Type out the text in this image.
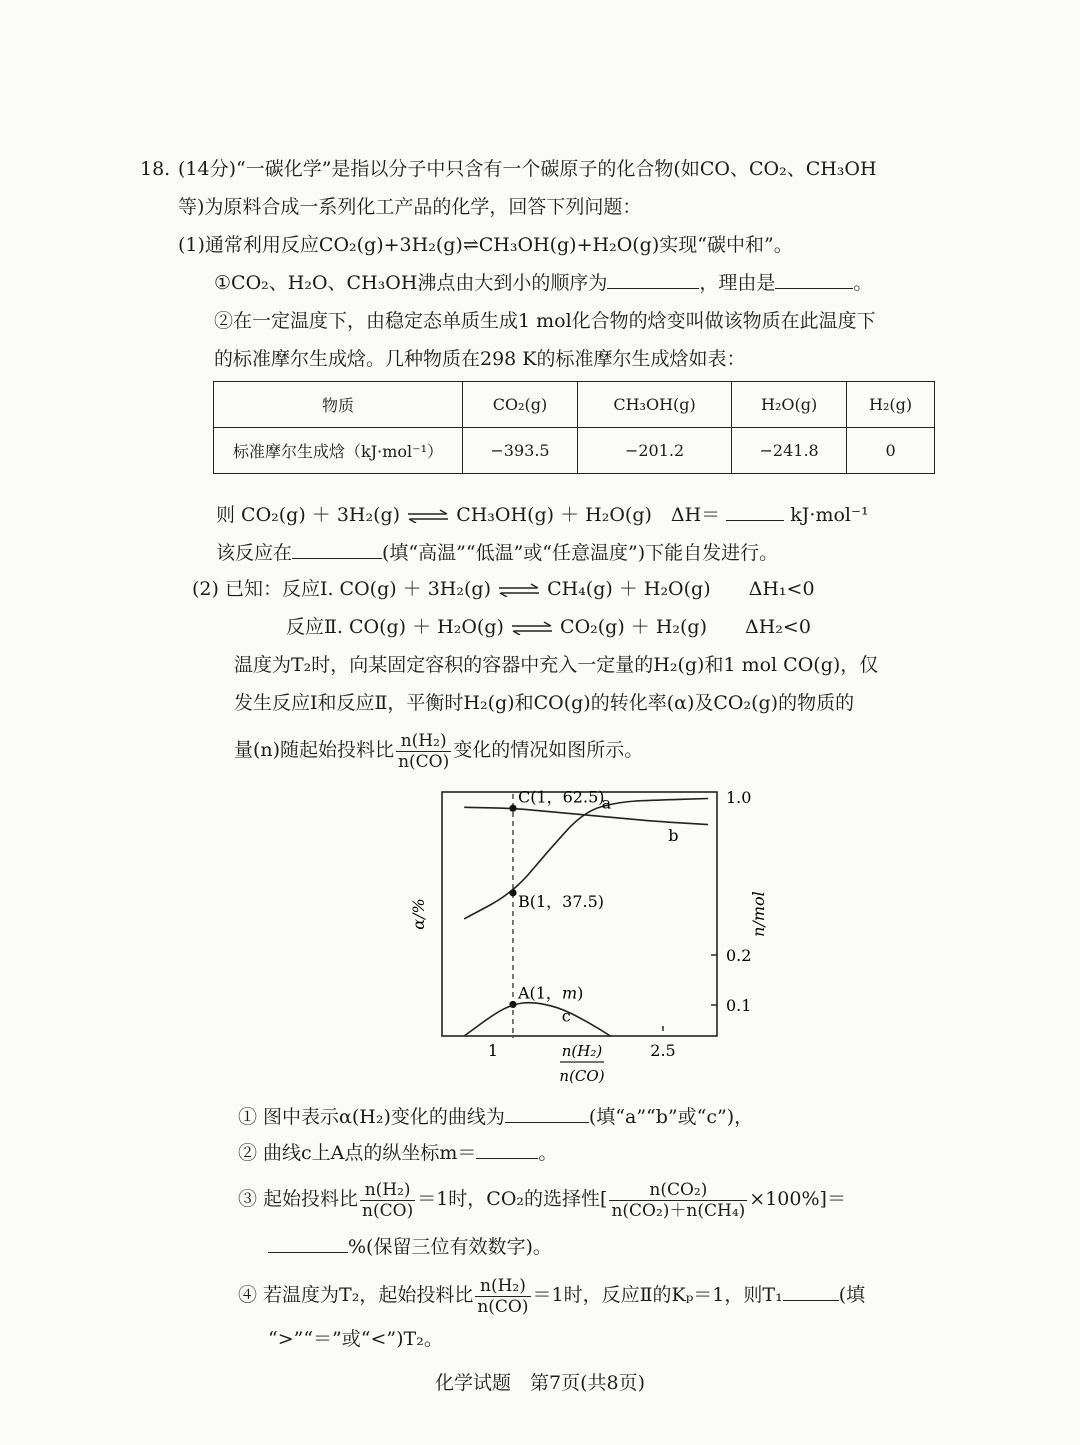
18. (14分)“一碳化学”是指以分子中只含有一个碳原子的化合物(如CO、CO₂、CH₃OH
等)为原料合成一系列化工产品的化学，回答下列问题：
(1)通常利用反应CO₂(g)+3H₂(g)⇌CH₃OH(g)+H₂O(g)实现“碳中和”。
①CO₂、H₂O、CH₃OH沸点由大到小的顺序为	，理由是	。
②在一定温度下，由稳定态单质生成1 mol化合物的焓变叫做该物质在此温度下
的标准摩尔生成焓。几种物质在298 K的标准摩尔生成焓如表：
物质	CO₂(g)	CH₃OH(g)	H₂O(g)	H₂(g)
标准摩尔生成焓（kJ·mol⁻¹）	−393.5	−201.2	−241.8	0
则 CO₂(g) ＋ 3H₂(g) ⇌ CH₃OH(g) ＋ H₂O(g)　ΔH＝	kJ·mol⁻¹
该反应在	(填“高温”“低温”或“任意温度”)下能自发进行。
(2) 已知：反应Ⅰ. CO(g) ＋ 3H₂(g) ⇌ CH₄(g) ＋ H₂O(g)　　ΔH₁<0
反应Ⅱ. CO(g) ＋ H₂O(g) ⇌ CO₂(g) ＋ H₂(g)　　ΔH₂<0
温度为T₂时，向某固定容积的容器中充入一定量的H₂(g)和1 mol CO(g)，仅
发生反应Ⅰ和反应Ⅱ，平衡时H₂(g)和CO(g)的转化率(α)及CO₂(g)的物质的
量(n)随起始投料比 $\frac{\text{n(H₂)}}{n(CO)}$ 变化的情况如图所示。
a
b
c
C(1，62.5)
B(1，37.5)
A(1，m)
1	2.5
1.0
0.2
0.1
α/%	n/mol
n(H₂)
n(CO)
① 图中表示α(H₂)变化的曲线为	(填“a”“b”或“c”)，
② 曲线c上A点的纵坐标m＝	。
③ 起始投料比 $\frac{\text{n(H₂)}}{n(CO)} =1$时，CO₂的选择性[ $\frac{\text{n(CO₂)}}{\text{n(CO₂)＋n(CH₄)}} \times 100\%]=$
%(保留三位有效数字)。
④ 若温度为T₂，起始投料比 $\frac{\text{n(H₂)}}{n(CO)} =1$时，反应Ⅱ的Kₚ＝1，则T₁	(填
“>”“＝”或“<”)T₂。
化学试题　第7页(共8页)
